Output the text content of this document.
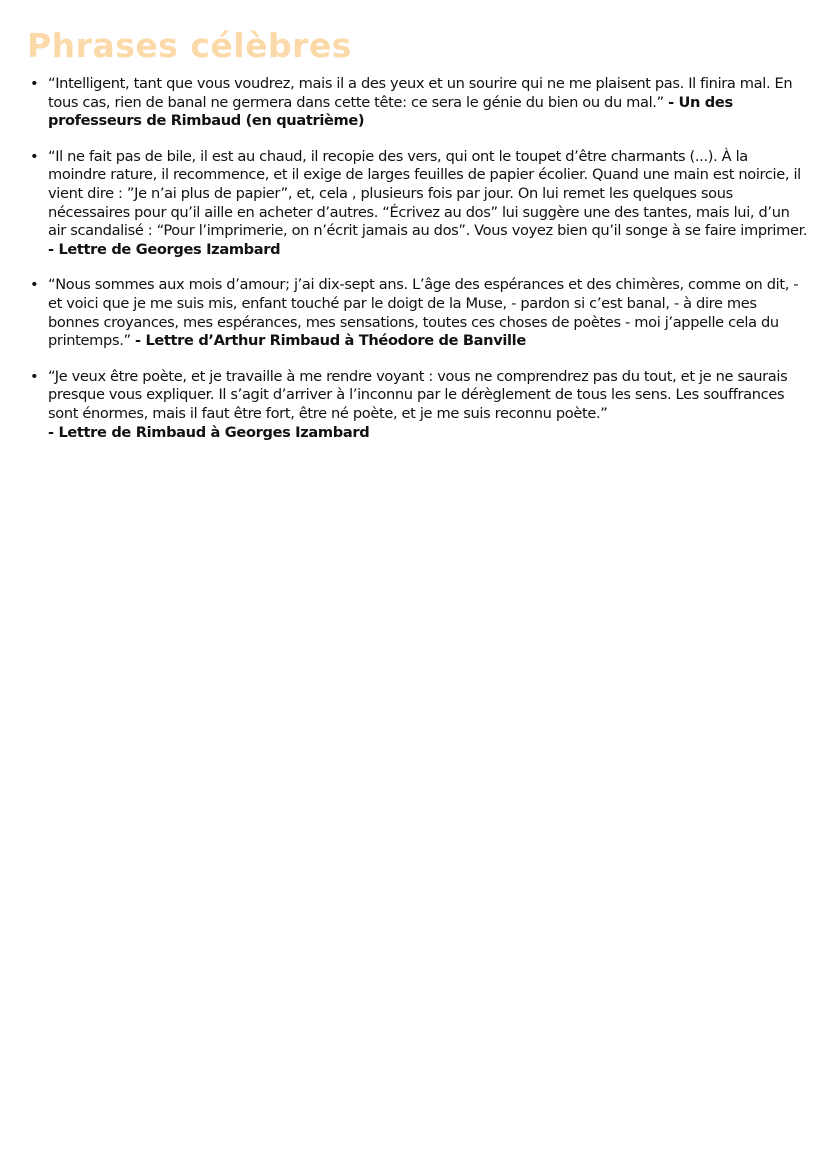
Phrases célèbres
• “Intelligent, tant que vous voudrez, mais il a des yeux et un sourire qui ne me plaisent pas. Il finira mal. En tous cas, rien de banal ne germera dans cette tête: ce sera le génie du bien ou du mal.” - Un des professeurs de Rimbaud (en quatrième)
• “Il ne fait pas de bile, il est au chaud, il recopie des vers, qui ont le toupet d’être charmants (...). À la moindre rature, il recommence, et il exige de larges feuilles de papier écolier. Quand une main est noircie, il vient dire : ”Je n’ai plus de papier”, et, cela , plusieurs fois par jour. On lui remet les quelques sous nécessaires pour qu’il aille en acheter d’autres. “Écrivez au dos” lui suggère une des tantes, mais lui, d’un air scandalisé : “Pour l’imprimerie, on n’écrit jamais au dos”. Vous voyez bien qu’il songe à se faire imprimer. - Lettre de Georges Izambard
• “Nous sommes aux mois d’amour; j’ai dix-sept ans. L’âge des espérances et des chimères, comme on dit, - et voici que je me suis mis, enfant touché par le doigt de la Muse, - pardon si c’est banal, - à dire mes bonnes croyances, mes espérances, mes sensations, toutes ces choses de poètes - moi j’appelle cela du printemps.” - Lettre d’Arthur Rimbaud à Théodore de Banville
• “Je veux être poète, et je travaille à me rendre voyant : vous ne comprendrez pas du tout, et je ne saurais presque vous expliquer. Il s’agit d’arriver à l’inconnu par le dérèglement de tous les sens. Les souffrances sont énormes, mais il faut être fort, être né poète, et je me suis reconnu poète.”
- Lettre de Rimbaud à Georges Izambard
